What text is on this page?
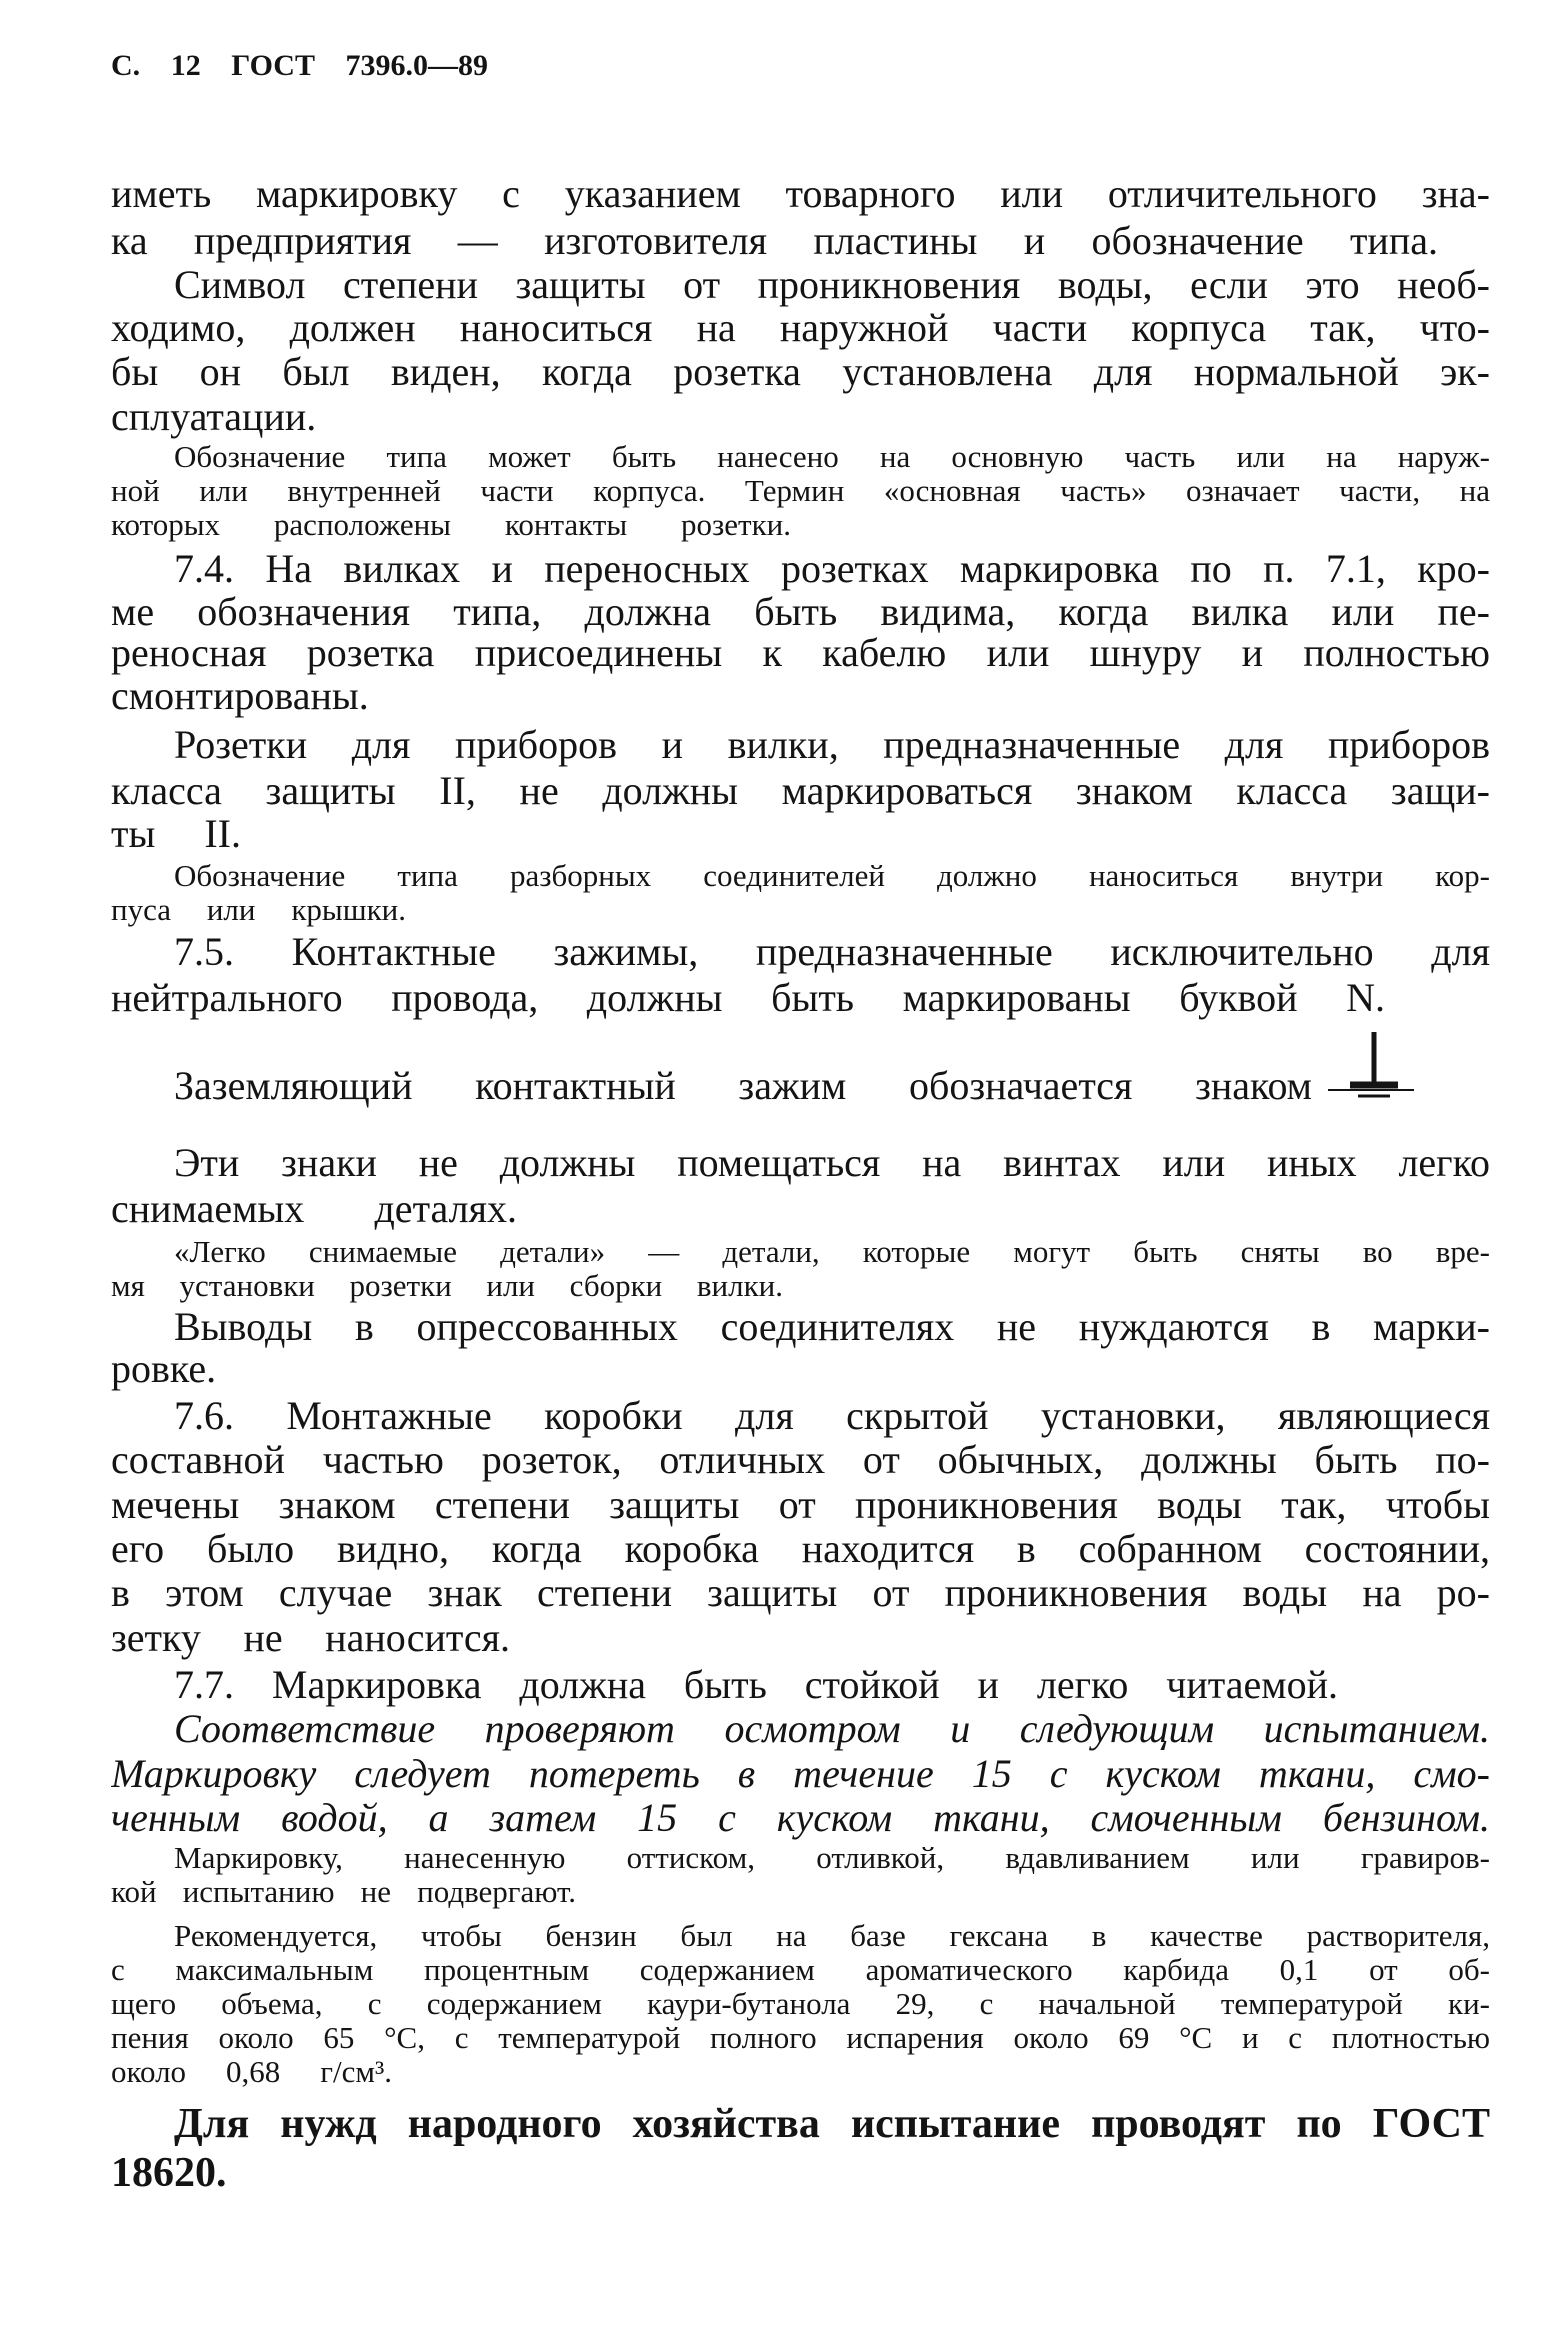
С. 12 ГОСТ 7396.0—89
иметь маркировку с указанием товарного или отличительного зна-
ка предприятия — изготовителя пластины и обозначение типа.
Символ степени защиты от проникновения воды, если это необ-
ходимо, должен наноситься на наружной части корпуса так, что-
бы он был виден, когда розетка установлена для нормальной эк-
сплуатации.
Обозначение типа может быть нанесено на основную часть или на наруж-
ной или внутренней части корпуса. Термин «основная часть» означает части, на
которых расположены контакты розетки.
7.4. На вилках и переносных розетках маркировка по п. 7.1, кро-
ме обозначения типа, должна быть видима, когда вилка или пе-
реносная розетка присоединены к кабелю или шнуру и полностью
смонтированы.
Розетки для приборов и вилки, предназначенные для приборов
класса защиты II, не должны маркироваться знаком класса защи-
ты II.
Обозначение типа разборных соединителей должно наноситься внутри кор-
пуса или крышки.
7.5. Контактные зажимы, предназначенные исключительно для
нейтрального провода, должны быть маркированы буквой N.
Заземляющий контактный зажим обозначается знаком
Эти знаки не должны помещаться на винтах или иных легко
снимаемых деталях.
«Легко снимаемые детали» — детали, которые могут быть сняты во вре-
мя установки розетки или сборки вилки.
Выводы в опрессованных соединителях не нуждаются в марки-
ровке.
7.6. Монтажные коробки для скрытой установки, являющиеся
составной частью розеток, отличных от обычных, должны быть по-
мечены знаком степени защиты от проникновения воды так, чтобы
его было видно, когда коробка находится в собранном состоянии,
в этом случае знак степени защиты от проникновения воды на ро-
зетку не наносится.
7.7. Маркировка должна быть стойкой и легко читаемой.
Соответствие проверяют осмотром и следующим испытанием.
Маркировку следует потереть в течение 15 с куском ткани, смо-
ченным водой, а затем 15 с куском ткани, смоченным бензином.
Маркировку, нанесенную оттиском, отливкой, вдавливанием или гравиров-
кой испытанию не подвергают.
Рекомендуется, чтобы бензин был на базе гексана в качестве растворителя,
с максимальным процентным содержанием ароматического карбида 0,1 от об-
щего объема, с содержанием каури-бутанола 29, с начальной температурой ки-
пения около 65 °С, с температурой полного испарения около 69 °С и с плотностью
около 0,68 г/см³.
Для нужд народного хозяйства испытание проводят по ГОСТ
18620.
